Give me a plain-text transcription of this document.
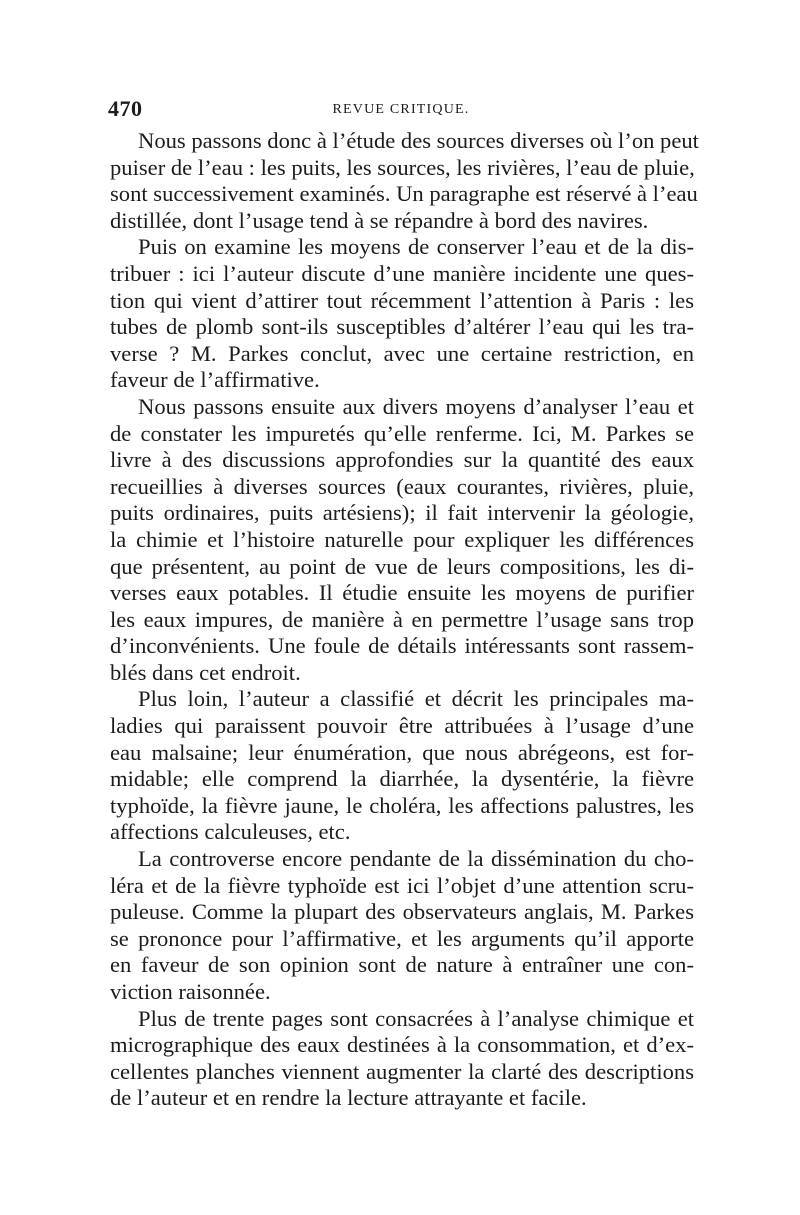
470	REVUE CRITIQUE.
Nous passons donc à l’étude des sources diverses où l’on peut
puiser de l’eau : les puits, les sources, les rivières, l’eau de pluie,
sont successivement examinés. Un paragraphe est réservé à l’eau
distillée, dont l’usage tend à se répandre à bord des navires.
Puis on examine les moyens de conserver l’eau et de la dis-
tribuer : ici l’auteur discute d’une manière incidente une ques-
tion qui vient d’attirer tout récemment l’attention à Paris : les
tubes de plomb sont-ils susceptibles d’altérer l’eau qui les tra-
verse ? M. Parkes conclut, avec une certaine restriction, en
faveur de l’affirmative.
Nous passons ensuite aux divers moyens d’analyser l’eau et
de constater les impuretés qu’elle renferme. Ici, M. Parkes se
livre à des discussions approfondies sur la quantité des eaux
recueillies à diverses sources (eaux courantes, rivières, pluie,
puits ordinaires, puits artésiens); il fait intervenir la géologie,
la chimie et l’histoire naturelle pour expliquer les différences
que présentent, au point de vue de leurs compositions, les di-
verses eaux potables. Il étudie ensuite les moyens de purifier
les eaux impures, de manière à en permettre l’usage sans trop
d’inconvénients. Une foule de détails intéressants sont rassem-
blés dans cet endroit.
Plus loin, l’auteur a classifié et décrit les principales ma-
ladies qui paraissent pouvoir être attribuées à l’usage d’une
eau malsaine; leur énumération, que nous abrégeons, est for-
midable; elle comprend la diarrhée, la dysentérie, la fièvre
typhoïde, la fièvre jaune, le choléra, les affections palustres, les
affections calculeuses, etc.
La controverse encore pendante de la dissémination du cho-
léra et de la fièvre typhoïde est ici l’objet d’une attention scru-
puleuse. Comme la plupart des observateurs anglais, M. Parkes
se prononce pour l’affirmative, et les arguments qu’il apporte
en faveur de son opinion sont de nature à entraîner une con-
viction raisonnée.
Plus de trente pages sont consacrées à l’analyse chimique et
micrographique des eaux destinées à la consommation, et d’ex-
cellentes planches viennent augmenter la clarté des descriptions
de l’auteur et en rendre la lecture attrayante et facile.
